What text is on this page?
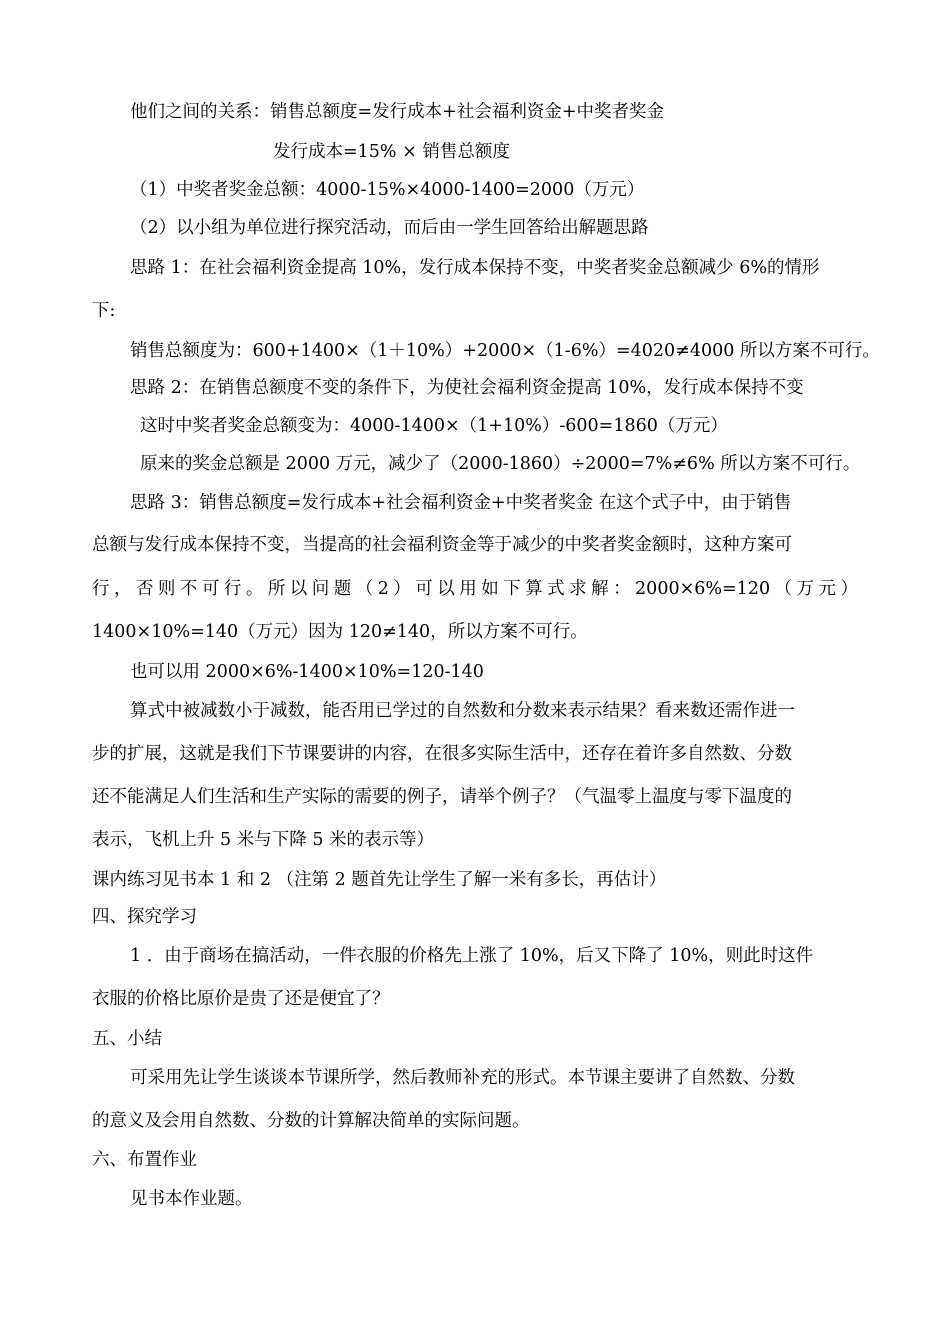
他们之间的关系：销售总额度=发行成本+社会福利资金+中奖者奖金

发行成本=15% × 销售总额度

（1）中奖者奖金总额：4000-15%×4000-1400=2000（万元）

（2）以小组为单位进行探究活动，而后由一学生回答给出解题思路

思路 1：在社会福利资金提高 10%，发行成本保持不变，中奖者奖金总额减少 6%的情形

下:

销售总额度为：600+1400×（1＋10%）+2000×（1-6%）=4020≠4000 所以方案不可行。

思路 2：在销售总额度不变的条件下，为使社会福利资金提高 10%，发行成本保持不变

这时中奖者奖金总额变为：4000-1400×（1+10%）-600=1860（万元）

原来的奖金总额是 2000 万元，减少了（2000-1860）÷2000=7%≠6% 所以方案不可行。

思路 3：销售总额度=发行成本+社会福利资金+中奖者奖金 在这个式子中，由于销售

总额与发行成本保持不变，当提高的社会福利资金等于减少的中奖者奖金额时，这种方案可

行，否则不可行。所以问题（2）可以用如下算式求解：2000×6%=120（万元）

1400×10%=140（万元）因为 120≠140，所以方案不可行。

也可以用 2000×6%-1400×10%=120-140

算式中被减数小于减数，能否用已学过的自然数和分数来表示结果？看来数还需作进一

步的扩展，这就是我们下节课要讲的内容，在很多实际生活中，还存在着许多自然数、分数

还不能满足人们生活和生产实际的需要的例子，请举个例子？（气温零上温度与零下温度的

表示，飞机上升 5 米与下降 5 米的表示等）

课内练习见书本 1 和 2 （注第 2 题首先让学生了解一米有多长，再估计）

四、探究学习

1 ．由于商场在搞活动，一件衣服的价格先上涨了 10%，后又下降了 10%，则此时这件

衣服的价格比原价是贵了还是便宜了？

五、小结

可采用先让学生谈谈本节课所学，然后教师补充的形式。本节课主要讲了自然数、分数

的意义及会用自然数、分数的计算解决简单的实际问题。

六、布置作业

见书本作业题。
